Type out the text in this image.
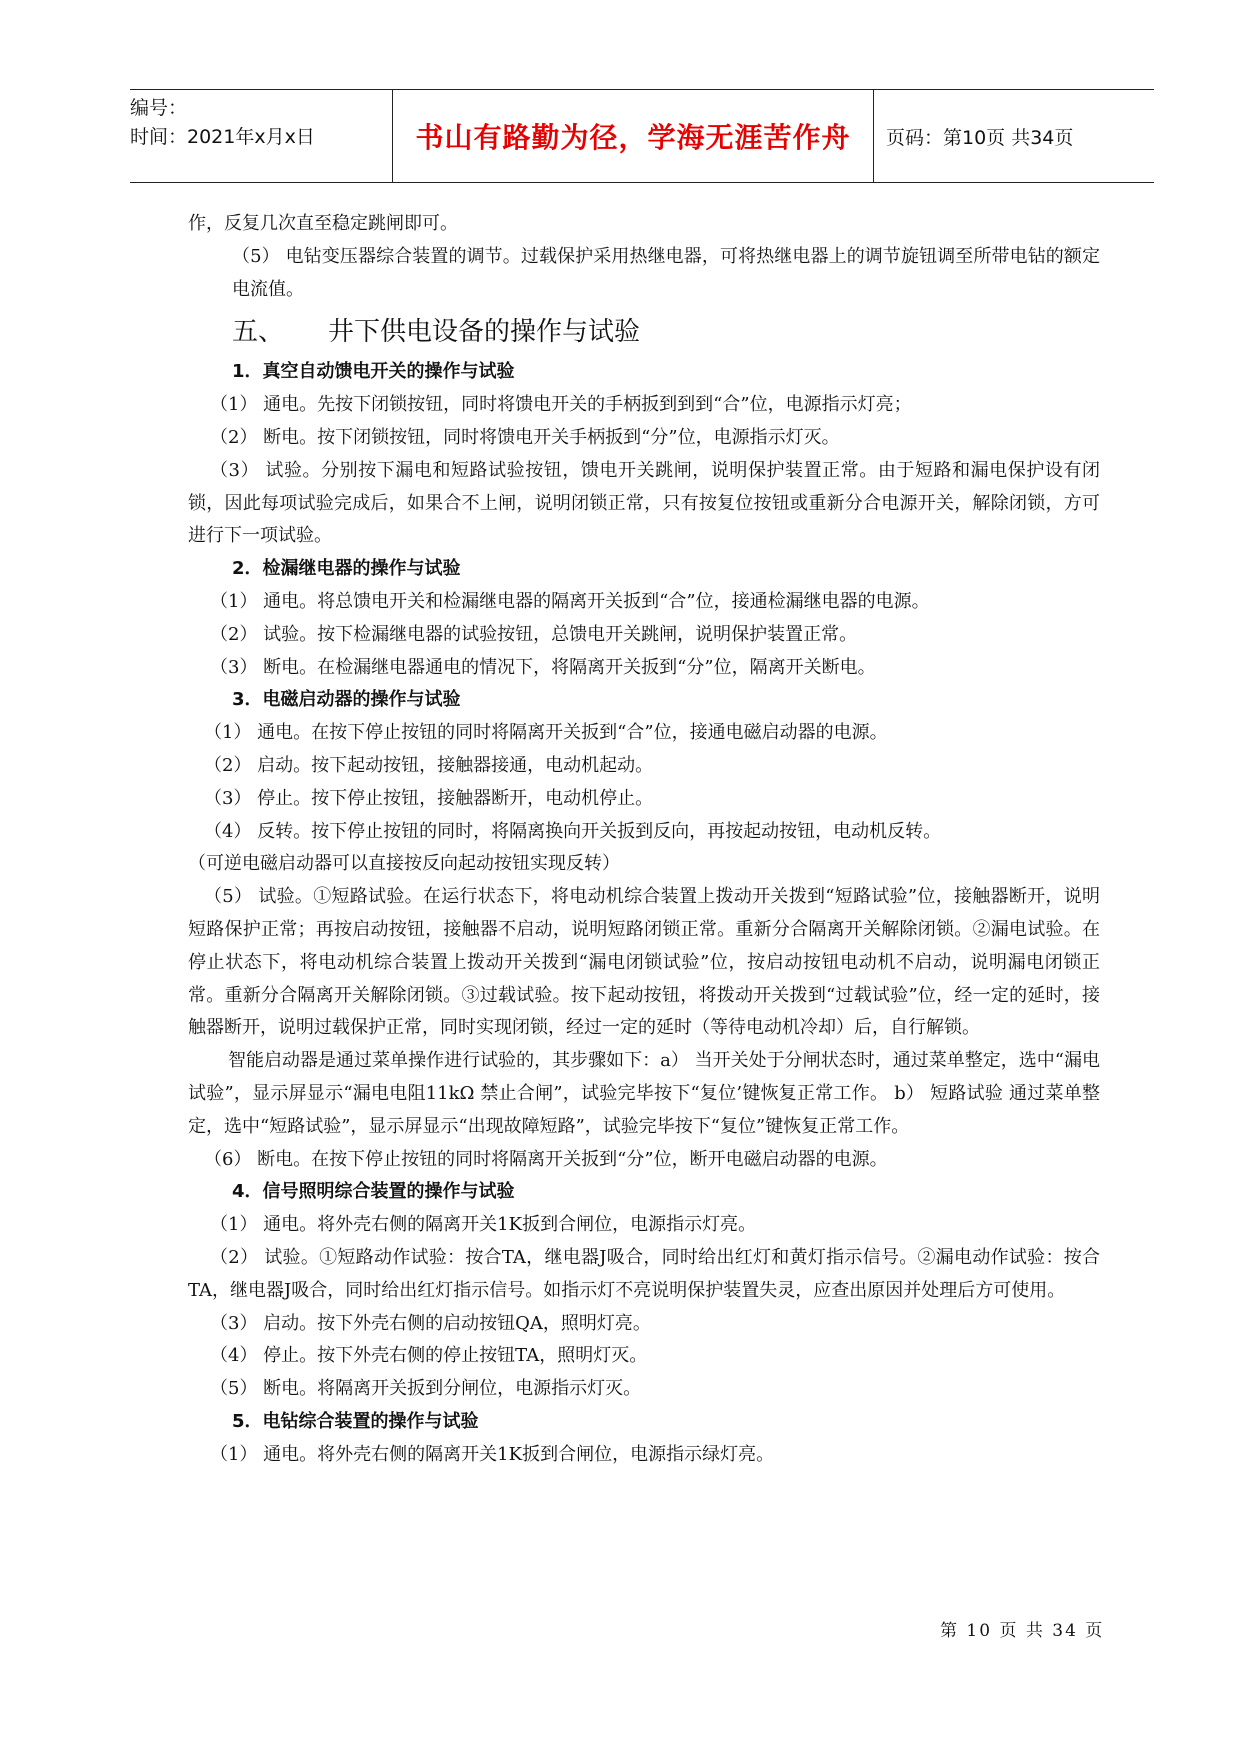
编号：
时间：2021年x月x日	书山有路勤为径，学海无涯苦作舟	页码：第10页 共34页

作，反复几次直至稳定跳闸即可。

（5） 电钻变压器综合装置的调节。过载保护采用热继电器，可将热继电器上的调节旋钮调至所带电钻的额定电流值。

五、 井下供电设备的操作与试验

1．真空自动馈电开关的操作与试验

（1） 通电。先按下闭锁按钮，同时将馈电开关的手柄扳到到到“合”位，电源指示灯亮；

（2） 断电。按下闭锁按钮，同时将馈电开关手柄扳到“分”位，电源指示灯灭。

（3） 试验。分别按下漏电和短路试验按钮，馈电开关跳闸，说明保护装置正常。由于短路和漏电保护设有闭锁，因此每项试验完成后，如果合不上闸，说明闭锁正常，只有按复位按钮或重新分合电源开关，解除闭锁，方可进行下一项试验。

2．检漏继电器的操作与试验

（1） 通电。将总馈电开关和检漏继电器的隔离开关扳到“合”位，接通检漏继电器的电源。

（2） 试验。按下检漏继电器的试验按钮，总馈电开关跳闸，说明保护装置正常。

（3） 断电。在检漏继电器通电的情况下，将隔离开关扳到“分”位，隔离开关断电。

3．电磁启动器的操作与试验

（1） 通电。在按下停止按钮的同时将隔离开关扳到“合”位，接通电磁启动器的电源。

（2） 启动。按下起动按钮，接触器接通，电动机起动。

（3） 停止。按下停止按钮，接触器断开，电动机停止。

（4） 反转。按下停止按钮的同时，将隔离换向开关扳到反向，再按起动按钮，电动机反转。

（可逆电磁启动器可以直接按反向起动按钮实现反转）

（5） 试验。①短路试验。在运行状态下，将电动机综合装置上拨动开关拨到“短路试验”位，接触器断开，说明短路保护正常；再按启动按钮，接触器不启动，说明短路闭锁正常。重新分合隔离开关解除闭锁。②漏电试验。在停止状态下，将电动机综合装置上拨动开关拨到“漏电闭锁试验”位，按启动按钮电动机不启动，说明漏电闭锁正常。重新分合隔离开关解除闭锁。③过载试验。按下起动按钮，将拨动开关拨到“过载试验”位，经一定的延时，接触器断开，说明过载保护正常，同时实现闭锁，经过一定的延时（等待电动机冷却）后，自行解锁。

智能启动器是通过菜单操作进行试验的，其步骤如下：a） 当开关处于分闸状态时，通过菜单整定，选中“漏电试验”，显示屏显示“漏电电阻11kΩ 禁止合闸”，试验完毕按下“复位’键恢复正常工作。 b） 短路试验 通过菜单整定，选中“短路试验”，显示屏显示“出现故障短路”，试验完毕按下“复位”键恢复正常工作。

（6） 断电。在按下停止按钮的同时将隔离开关扳到“分”位，断开电磁启动器的电源。

4．信号照明综合装置的操作与试验

（1） 通电。将外壳右侧的隔离开关1K扳到合闸位，电源指示灯亮。

（2） 试验。①短路动作试验：按合TA，继电器J吸合，同时给出红灯和黄灯指示信号。②漏电动作试验：按合TA，继电器J吸合，同时给出红灯指示信号。如指示灯不亮说明保护装置失灵，应查出原因并处理后方可使用。

（3） 启动。按下外壳右侧的启动按钮QA，照明灯亮。

（4） 停止。按下外壳右侧的停止按钮TA，照明灯灭。

（5） 断电。将隔离开关扳到分闸位，电源指示灯灭。

5．电钻综合装置的操作与试验

（1） 通电。将外壳右侧的隔离开关1K扳到合闸位，电源指示绿灯亮。

第 10 页 共 34 页
